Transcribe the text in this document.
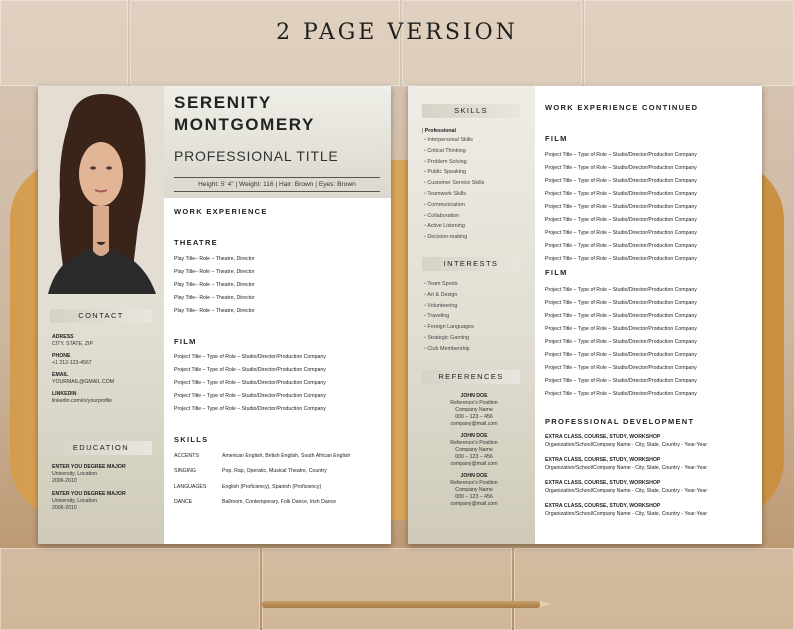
2 PAGE VERSION
SERENITY
MONTGOMERY
PROFESSIONAL TITLE
Height: 5' 4" | Weight: 116 | Hair: Brown | Eyes: Brown
CONTACT
ADRESS
CITY, STATE, ZIP
PHONE
+1 212-123-4567
EMAIL
YOURMAIL@GMAIL.COM
LINKEDIN
linkedin.com/in/yourprofile
EDUCATION
ENTER YOU DEGREE MAJOR
University, Location
2006-2010
ENTER YOU DEGREE MAJOR
University, Location
2006-2010
WORK EXPERIENCE
THEATRE
Play Title– Role – Theatre, Director
Play Title– Role – Theatre, Director
Play Title– Role – Theatre, Director
Play Title– Role – Theatre, Director
Play Title– Role – Theatre, Director
FILM
Project Title – Type of Role – Studio/Director/Production Company
Project Title – Type of Role – Studio/Director/Production Company
Project Title – Type of Role – Studio/Director/Production Company
Project Title – Type of Role – Studio/Director/Production Company
Project Title – Type of Role – Studio/Director/Production Company
SKILLS
ACCENTS	American English, British English, South African English
SINGING	Pop, Rap, Operatic, Musical Theatre, Country
LANGUAGES	English (Proficiency), Spanish (Proficiency)
DANCE	Ballroom, Contemporary, Folk Dance, Irish Dance
SKILLS
| Professional
• Interpersonal Skills
• Critical Thinking
• Problem Solving
• Public Speaking
• Customer Service Skills
• Teamwork Skills
• Communication
• Collaboration
• Active Listening
• Decision-making
INTERESTS
• Team Sports
• Art & Design
• Volunteering
• Traveling
• Foreign Languages
• Strategic Gaming
• Club Membership
REFERENCES
JOHN DOE
Reference's Position
Company Name
000 – 123 – 456
company@mail.com
JOHN DOE
Reference's Position
Company Name
000 – 123 – 456
company@mail.com
JOHN DOE
Reference's Position
Company Name
000 – 123 – 456
company@mail.com
WORK EXPERIENCE CONTINUED
FILM
Project Title – Type of Role – Studio/Director/Production Company
Project Title – Type of Role – Studio/Director/Production Company
Project Title – Type of Role – Studio/Director/Production Company
Project Title – Type of Role – Studio/Director/Production Company
Project Title – Type of Role – Studio/Director/Production Company
Project Title – Type of Role – Studio/Director/Production Company
Project Title – Type of Role – Studio/Director/Production Company
Project Title – Type of Role – Studio/Director/Production Company
Project Title – Type of Role – Studio/Director/Production Company
FILM
Project Title – Type of Role – Studio/Director/Production Company
Project Title – Type of Role – Studio/Director/Production Company
Project Title – Type of Role – Studio/Director/Production Company
Project Title – Type of Role – Studio/Director/Production Company
Project Title – Type of Role – Studio/Director/Production Company
Project Title – Type of Role – Studio/Director/Production Company
Project Title – Type of Role – Studio/Director/Production Company
Project Title – Type of Role – Studio/Director/Production Company
Project Title – Type of Role – Studio/Director/Production Company
PROFESSIONAL DEVELOPMENT
EXTRA CLASS, COURSE, STUDY, WORKSHOP
Organization/School/Company Name - City, State, Country - Year-Year
EXTRA CLASS, COURSE, STUDY, WORKSHOP
Organization/School/Company Name - City, State, Country - Year-Year
EXTRA CLASS, COURSE, STUDY, WORKSHOP
Organization/School/Company Name - City, State, Country - Year-Year
EXTRA CLASS, COURSE, STUDY, WORKSHOP
Organization/School/Company Name - City, State, Country - Year-Year
